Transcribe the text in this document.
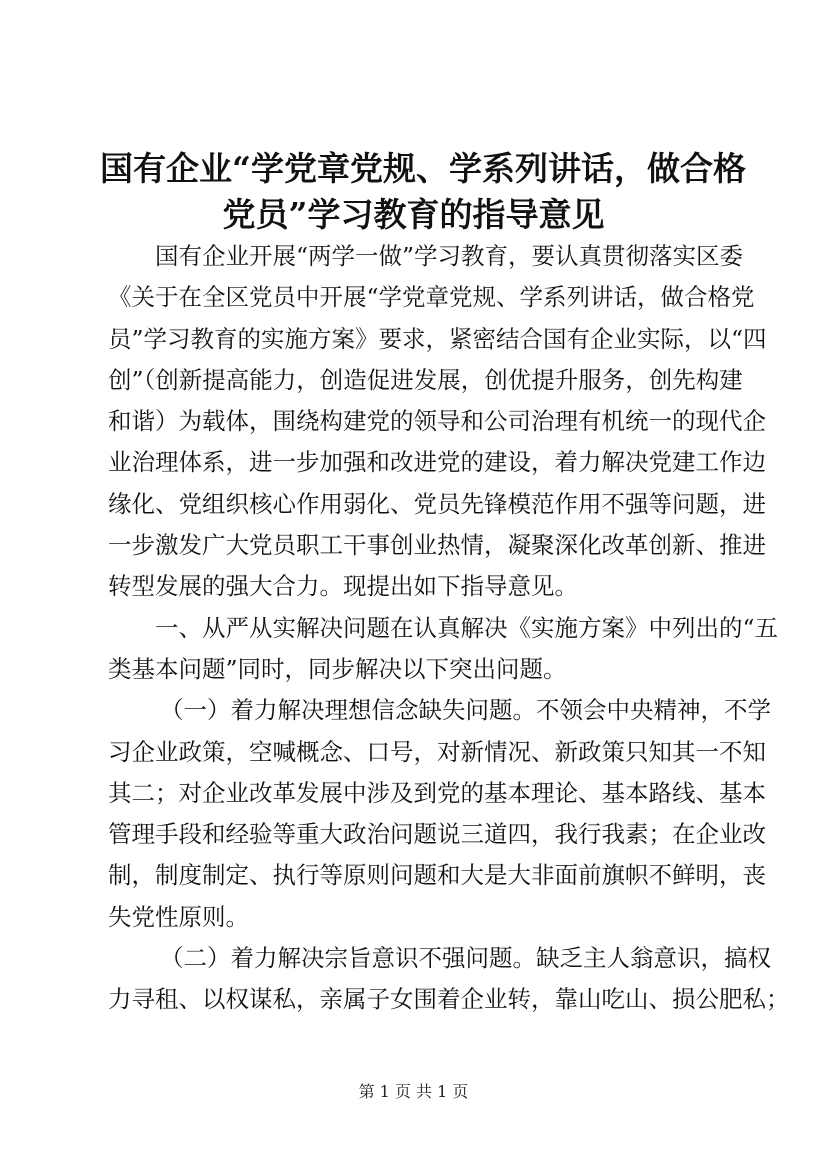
国有企业“学党章党规、学系列讲话，做合格
党员”学习教育的指导意见
国有企业开展“两学一做”学习教育，要认真贯彻落实区委
《关于在全区党员中开展“学党章党规、学系列讲话，做合格党
员”学习教育的实施方案》要求，紧密结合国有企业实际，以“四
创”（创新提高能力，创造促进发展，创优提升服务，创先构建
和谐）为载体，围绕构建党的领导和公司治理有机统一的现代企
业治理体系，进一步加强和改进党的建设，着力解决党建工作边
缘化、党组织核心作用弱化、党员先锋模范作用不强等问题，进
一步激发广大党员职工干事创业热情，凝聚深化改革创新、推进
转型发展的强大合力。现提出如下指导意见。
一、从严从实解决问题在认真解决《实施方案》中列出的“五
类基本问题”同时，同步解决以下突出问题。
（一）着力解决理想信念缺失问题。不领会中央精神，不学
习企业政策，空喊概念、口号，对新情况、新政策只知其一不知
其二；对企业改革发展中涉及到党的基本理论、基本路线、基本
管理手段和经验等重大政治问题说三道四，我行我素；在企业改
制，制度制定、执行等原则问题和大是大非面前旗帜不鲜明，丧
失党性原则。
（二）着力解决宗旨意识不强问题。缺乏主人翁意识，搞权
力寻租、以权谋私，亲属子女围着企业转，靠山吃山、损公肥私；
第 1 页 共 1 页
